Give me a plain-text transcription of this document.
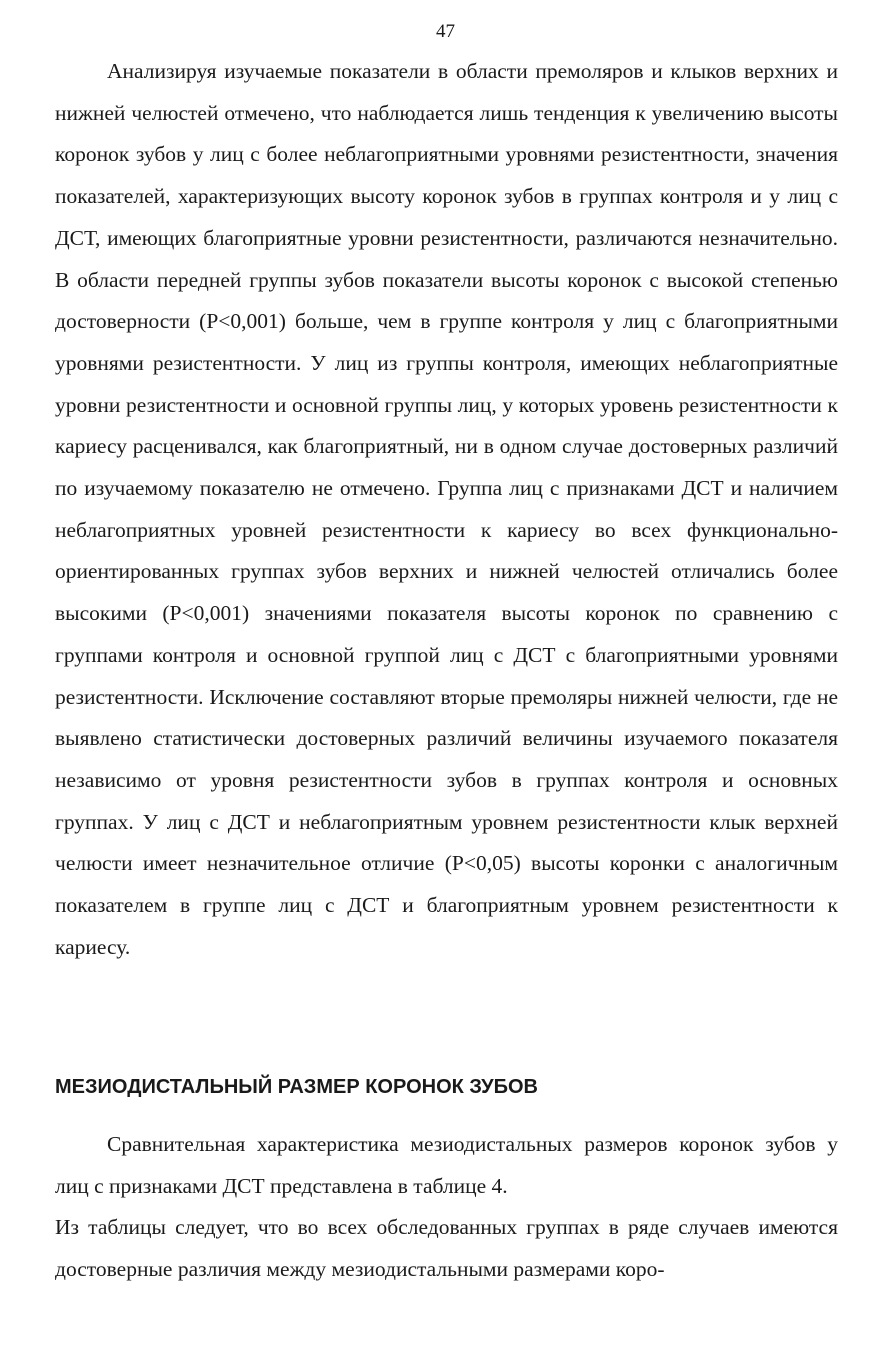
47

Анализируя изучаемые показатели в области премоляров и клыков верхних и нижней челюстей отмечено, что наблюдается лишь тенденция к увеличению высоты коронок зубов у лиц с более неблагоприятными уровнями резистентности, значения показателей, характеризующих высоту коронок зубов в группах контроля и у лиц с ДСТ, имеющих благоприятные уровни резистентности, различаются незначительно. В области передней группы зубов показатели высоты коронок с высокой степенью достоверности (P<0,001) больше, чем в группе контроля у лиц с благоприятными уровнями резистентности. У лиц из группы контроля, имеющих неблагоприятные уровни резистентности и основной группы лиц, у которых уровень резистентности к кариесу расценивался, как благоприятный, ни в одном случае достоверных различий по изучаемому показателю не отмечено. Группа лиц с признаками ДСТ и наличием неблагоприятных уровней резистентности к кариесу во всех функционально-ориентированных группах зубов верхних и нижней челюстей отличались более высокими (P<0,001) значениями показателя высоты коронок по сравнению с группами контроля и основной группой лиц с ДСТ с благоприятными уровнями резистентности. Исключение составляют вторые премоляры нижней челюсти, где не выявлено статистически достоверных различий величины изучаемого показателя независимо от уровня резистентности зубов в группах контроля и основных группах. У лиц с ДСТ и неблагоприятным уровнем резистентности клык верхней челюсти имеет незначительное отличие (P<0,05) высоты коронки с аналогичным показателем в группе лиц с ДСТ и благоприятным уровнем резистентности к кариесу.

МЕЗИОДИСТАЛЬНЫЙ РАЗМЕР КОРОНОК ЗУБОВ

Сравнительная характеристика мезиодистальных размеров коронок зубов у лиц с признаками ДСТ представлена в таблице 4.

Из таблицы следует, что во всех обследованных группах в ряде случаев имеются достоверные различия между мезиодистальными размерами коро-
